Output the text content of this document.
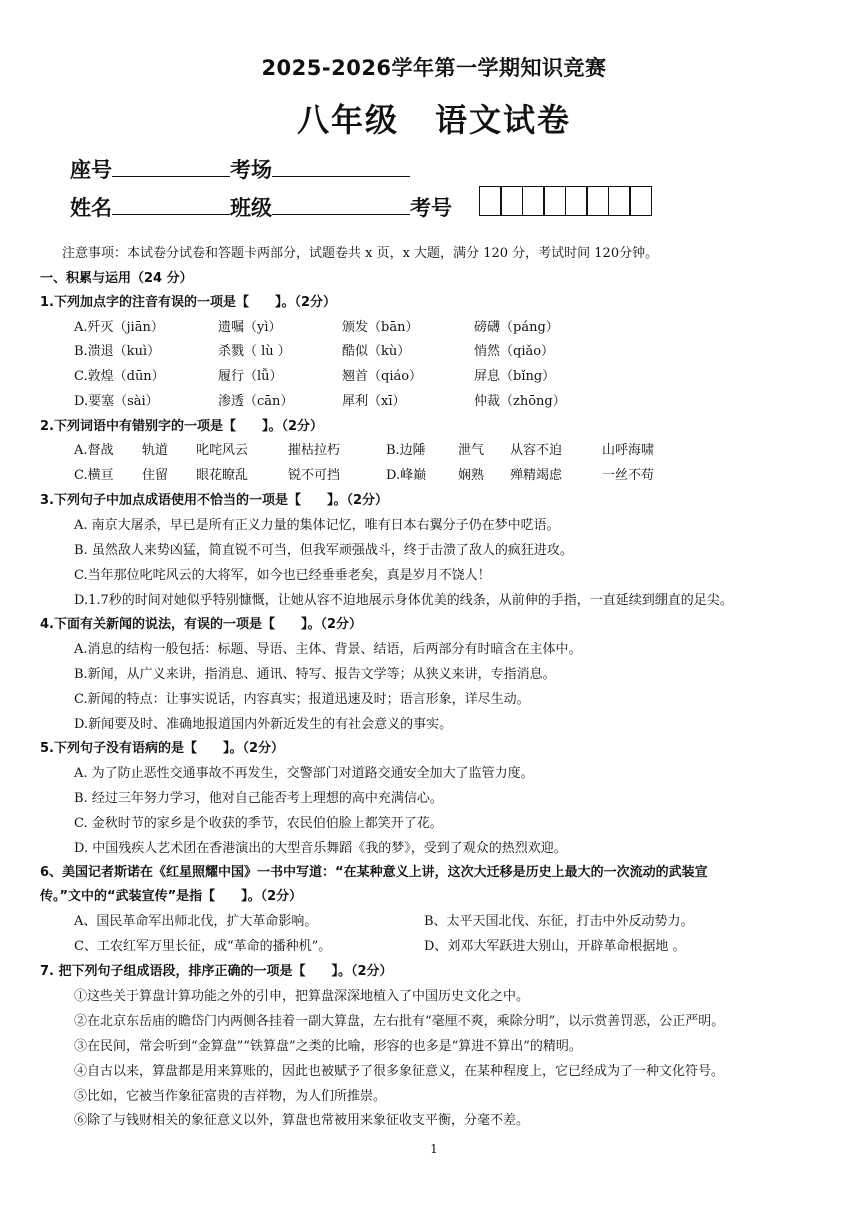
2025-2026学年第一学期知识竞赛
八年级 语文试卷
座号	考场
姓名	班级	考号
注意事项：本试卷分试卷和答题卡两部分，试题卷共 x 页，x 大题，满分 120 分，考试时间 120分钟。
一、积累与运用（24 分）
1.下列加点字的注音有误的一项是【　　】。（2分）
A.歼灭（jiān）	遗嘱（yì）	颁发（bān）	磅礴（páng）
B.溃退（kuì）	杀戮（ lù ）	酷似（kù）	悄然（qiǎo）
C.敦煌（dūn）	履行（lǚ）	翘首（qiáo）	屏息（bǐng）
D.要塞（sài）	渗透（cān）	犀利（xī）	仲裁（zhōng）
2.下列词语中有错别字的一项是【　　】。（2分）
A.督战 轨道 叱咤风云	摧枯拉朽	B.边陲 泄气 从容不迫	山呼海啸
C.横亘 住留 眼花瞭乱	锐不可挡	D.峰巅 娴熟 殚精竭虑	一丝不苟
3.下列句子中加点成语使用不恰当的一项是【　　】。（2分）
A. 南京大屠杀，早已是所有正义力量的集体记忆，唯有日本右翼分子仍在梦中呓语。
B. 虽然敌人来势凶猛，简直锐不可当，但我军顽强战斗，终于击溃了敌人的疯狂进攻。
C.当年那位叱咤风云的大将军，如今也已经垂垂老矣，真是岁月不饶人！
D.1.7秒的时间对她似乎特别慷慨，让她从容不迫地展示身体优美的线条，从前伸的手指，一直延续到绷直的足尖。
4.下面有关新闻的说法，有误的一项是【　　】。（2分）
A.消息的结构一般包括：标题、导语、主体、背景、结语，后两部分有时暗含在主体中。
B.新闻，从广义来讲，指消息、通讯、特写、报告文学等；从狭义来讲，专指消息。
C.新闻的特点：让事实说话，内容真实；报道迅速及时；语言形象，详尽生动。
D.新闻要及时、准确地报道国内外新近发生的有社会意义的事实。
5.下列句子没有语病的是【　　】。（2分）
A. 为了防止恶性交通事故不再发生，交警部门对道路交通安全加大了监管力度。
B. 经过三年努力学习，他对自己能否考上理想的高中充满信心。
C. 金秋时节的家乡是个收获的季节，农民伯伯脸上都笑开了花。
D. 中国残疾人艺术团在香港演出的大型音乐舞蹈《我的梦》，受到了观众的热烈欢迎。
6、美国记者斯诺在《红星照耀中国》一书中写道：“在某种意义上讲，这次大迁移是历史上最大的一次流动的武装宣
传。”文中的“武装宣传”是指【　　】。（2分）
A、国民革命军出师北伐，扩大革命影响。	B、太平天国北伐、东征，打击中外反动势力。
C、工农红军万里长征，成“革命的播种机”。	D、刘邓大军跃进大别山，开辟革命根据地 。
7. 把下列句子组成语段，排序正确的一项是【　　】。（2分）
①这些关于算盘计算功能之外的引申，把算盘深深地植入了中国历史文化之中。
②在北京东岳庙的瞻岱门内两侧各挂着一副大算盘，左右批有“毫厘不爽，乘除分明”，以示赏善罚恶，公正严明。
③在民间，常会听到“金算盘”“铁算盘”之类的比喻，形容的也多是“算进不算出”的精明。
④自古以来，算盘都是用来算账的，因此也被赋予了很多象征意义，在某种程度上，它已经成为了一种文化符号。
⑤比如，它被当作象征富贵的吉祥物，为人们所推崇。
⑥除了与钱财相关的象征意义以外，算盘也常被用来象征收支平衡，分毫不差。
1
